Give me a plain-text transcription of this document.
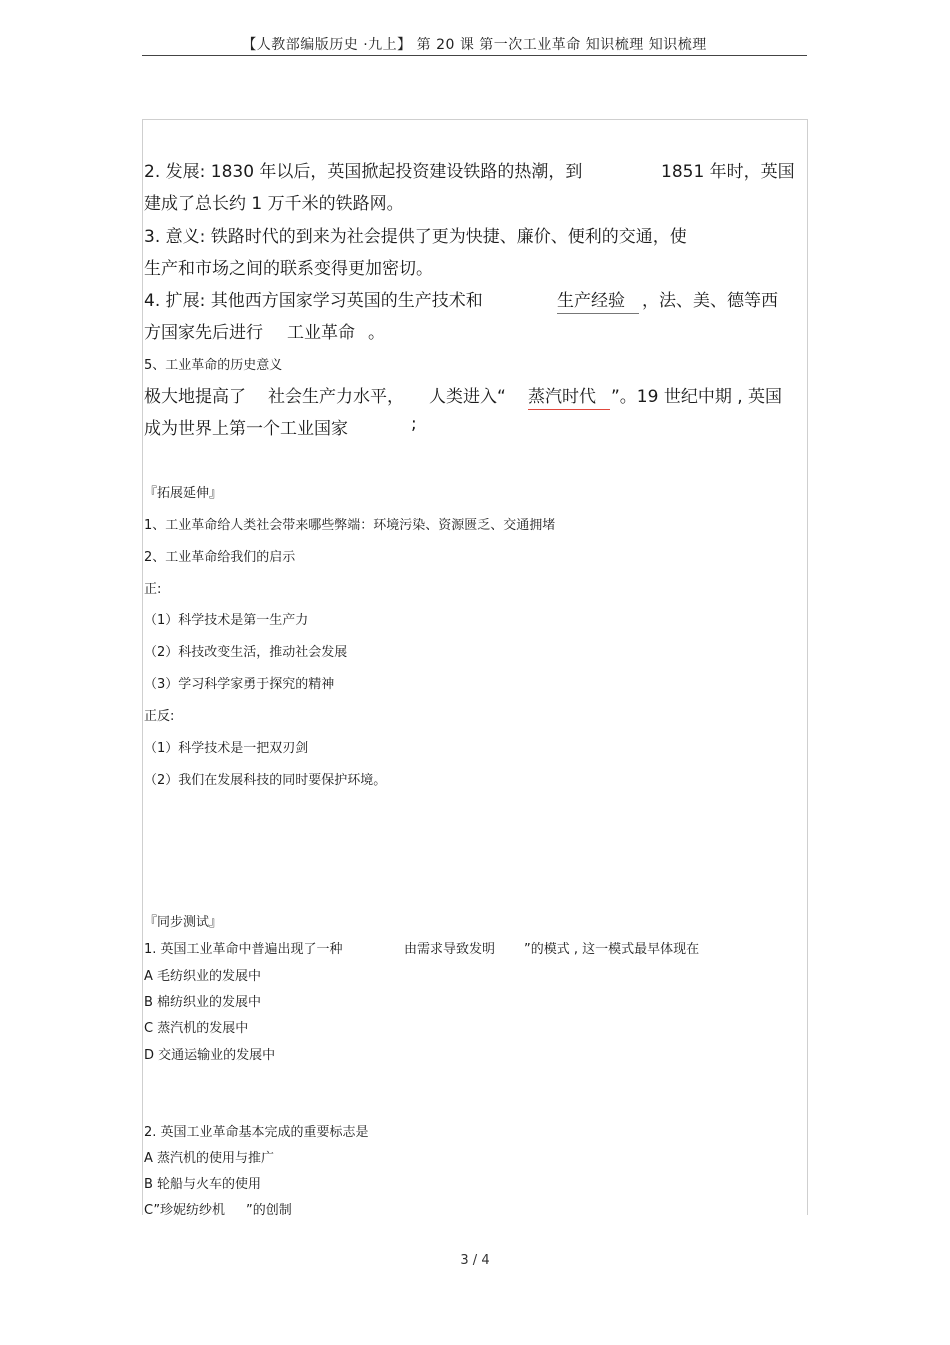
【人教部编版历史 ·九上】 第 20 课 第一次工业革命 知识梳理 知识梳理
2. 发展: 1830 年以后，英国掀起投资建设铁路的热潮，到	1851 年时，英国
建成了总长约 1 万千米的铁路网。
3. 意义: 铁路时代的到来为社会提供了更为快捷、廉价、便利的交通，使
生产和市场之间的联系变得更加密切。
4. 扩展: 其他西方国家学习英国的生产技术和	生产经验	，法、美、德等西
方国家先后进行 工业革命 。
5、工业革命的历史意义
极大地提高了 社会生产力水平， 人类进入“ 蒸汽时代 ”。19 世纪中期 , 英国
成为世界上第一个工业国家	;
『拓展延伸』
1、工业革命给人类社会带来哪些弊端：环境污染、资源匮乏、交通拥堵
2、工业革命给我们的启示
正:
（1）科学技术是第一生产力
（2）科技改变生活，推动社会发展
（3）学习科学家勇于探究的精神
正反:
（1）科学技术是一把双刃剑
（2）我们在发展科技的同时要保护环境。
『同步测试』
1. 英国工业革命中普遍出现了一种	由需求导致发明 ”的模式 , 这一模式最早体现在
A 毛纺织业的发展中
B 棉纺织业的发展中
C 蒸汽机的发展中
D 交通运输业的发展中
2. 英国工业革命基本完成的重要标志是
A 蒸汽机的使用与推广
B 轮船与火车的使用
C”珍妮纺纱机 ”的创制
3 / 4
